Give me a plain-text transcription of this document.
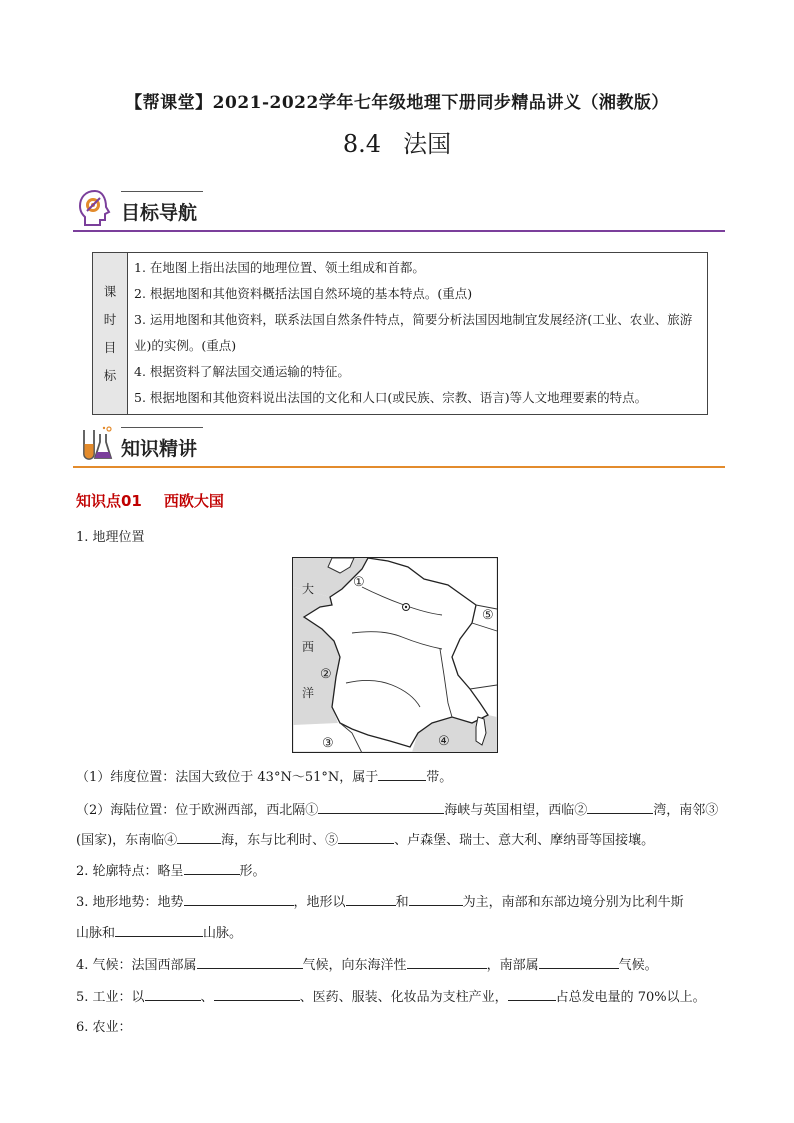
【帮课堂】2021-2022学年七年级地理下册同步精品讲义（湘教版）
8.4 法国
目标导航
课
时
目
标

1. 在地图上指出法国的地理位置、领土组成和首都。
2. 根据地图和其他资料概括法国自然环境的基本特点。(重点)
3. 运用地图和其他资料，联系法国自然条件特点，简要分析法国因地制宜发展经济(工业、农业、旅游业)的实例。(重点)
4. 根据资料了解法国交通运输的特征。
5. 根据地图和其他资料说出法国的文化和人口(或民族、宗教、语言)等人文地理要素的特点。
知识精讲
知识点01 西欧大国
1. 地理位置
大
西
洋
①
②
③	④
⑤
（1）纬度位置：法国大致位于 43°N～51°N，属于	带。
（2）海陆位置：位于欧洲西部，西北隔①	海峡与英国相望，西临②	湾，南邻③
(国家)，东南临④	海，东与比利时、⑤	、卢森堡、瑞士、意大利、摩纳哥等国接壤。
2. 轮廓特点：略呈	形。
3. 地形地势：地势	，地形以	和	为主，南部和东部边境分别为比利牛斯
山脉和	山脉。
4. 气候：法国西部属	气候，向东海洋性	，南部属	气候。
5. 工业：以	、	、医药、服装、化妆品为支柱产业，	占总发电量的 70%以上。
6. 农业：
